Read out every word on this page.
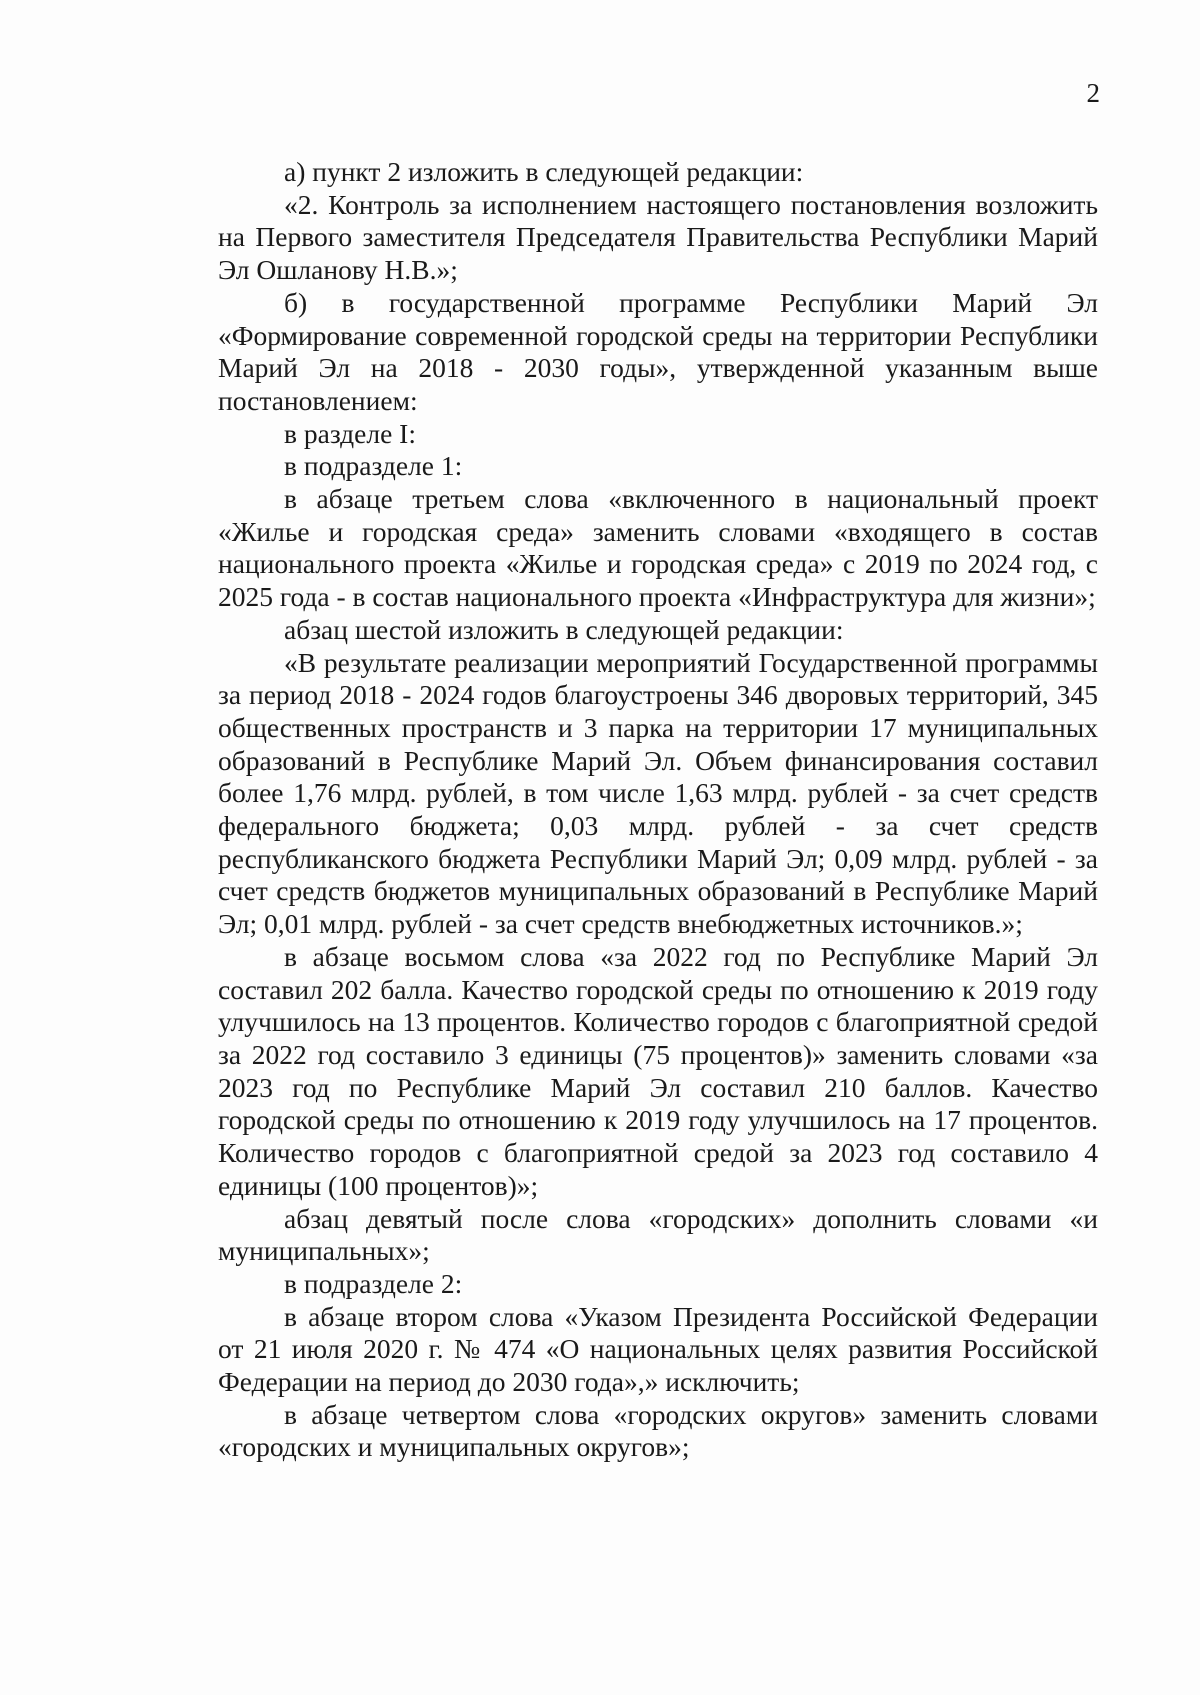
2

а) пункт 2 изложить в следующей редакции:

«2. Контроль за исполнением настоящего постановления возложить на Первого заместителя Председателя Правительства Республики Марий Эл Ошланову Н.В.»;

б) в государственной программе Республики Марий Эл «Формирование современной городской среды на территории Республики Марий Эл на 2018 - 2030 годы», утвержденной указанным выше постановлением:

в разделе I:

в подразделе 1:

в абзаце третьем слова «включенного в национальный проект «Жилье и городская среда» заменить словами «входящего в состав национального проекта «Жилье и городская среда» с 2019 по 2024 год, с 2025 года - в состав национального проекта «Инфраструктура для жизни»;

абзац шестой изложить в следующей редакции:

«В результате реализации мероприятий Государственной программы за период 2018 - 2024 годов благоустроены 346 дворовых территорий, 345 общественных пространств и 3 парка на территории 17 муниципальных образований в Республике Марий Эл. Объем финансирования составил более 1,76 млрд. рублей, в том числе 1,63 млрд. рублей - за счет средств федерального бюджета; 0,03 млрд. рублей - за счет средств республиканского бюджета Республики Марий Эл; 0,09 млрд. рублей - за счет средств бюджетов муниципальных образований в Республике Марий Эл; 0,01 млрд. рублей - за счет средств внебюджетных источников.»;

в абзаце восьмом слова «за 2022 год по Республике Марий Эл составил 202 балла. Качество городской среды по отношению к 2019 году улучшилось на 13 процентов. Количество городов с благоприятной средой за 2022 год составило 3 единицы (75 процентов)» заменить словами «за 2023 год по Республике Марий Эл составил 210 баллов. Качество городской среды по отношению к 2019 году улучшилось на 17 процентов. Количество городов с благоприятной средой за 2023 год составило 4 единицы (100 процентов)»;

абзац девятый после слова «городских» дополнить словами «и муниципальных»;

в подразделе 2:

в абзаце втором слова «Указом Президента Российской Федерации от 21 июля 2020 г. № 474 «О национальных целях развития Российской Федерации на период до 2030 года»,» исключить;

в абзаце четвертом слова «городских округов» заменить словами «городских и муниципальных округов»;
